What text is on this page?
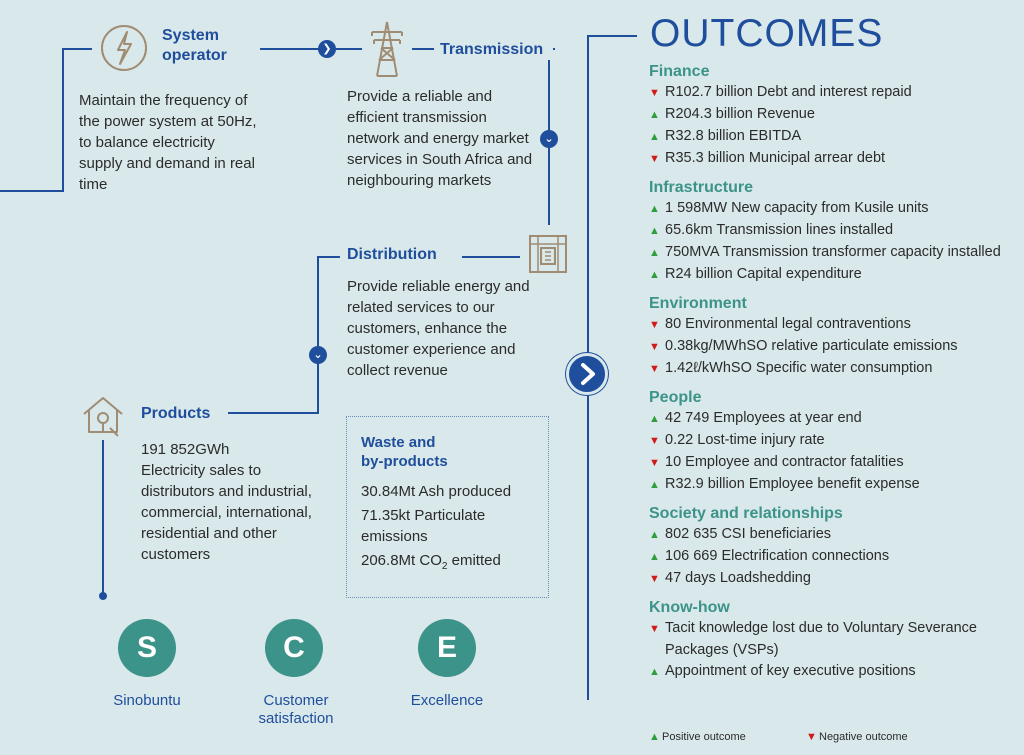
❯
⌄
⌄
System
operator
Maintain the frequency of the power system at 50Hz, to balance electricity supply and demand in real time
Transmission
Provide a reliable and efficient transmission network and energy market services in South Africa and neighbouring markets
Distribution
Provide reliable energy and related services to our customers, enhance the customer experience and collect revenue
Products
191 852GWh
Electricity sales to distributors and industrial, commercial, international, residential and other customers
Waste and
by-products
30.84Mt Ash produced
71.35kt Particulate emissions
206.8Mt $CO_2$ emitted
S
Sinobuntu
C
Customer satisfaction
E
Excellence
OUTCOMES
Finance
▼ R102.7 billion Debt and interest repaid
▲ R204.3 billion Revenue
▲ R32.8 billion EBITDA
▼ R35.3 billion Municipal arrear debt
Infrastructure
▲ 1 598MW New capacity from Kusile units
▲ 65.6km Transmission lines installed
▲ 750MVA Transmission transformer capacity installed
▲ R24 billion Capital expenditure
Environment
▼ 80 Environmental legal contraventions
▼ 0.38kg/MWhSO relative particulate emissions
▼ 1.42ℓ/kWhSO Specific water consumption
People
▲ 42 749 Employees at year end
▼ 0.22 Lost-time injury rate
▼ 10 Employee and contractor fatalities
▲ R32.9 billion Employee benefit expense
Society and relationships
▲ 802 635 CSI beneficiaries
▲ 106 669 Electrification connections
▼ 47 days Loadshedding
Know-how
▼ Tacit knowledge lost due to Voluntary Severance Packages (VSPs)
▲ Appointment of key executive positions
▲ Positive outcome	▼ Negative outcome
